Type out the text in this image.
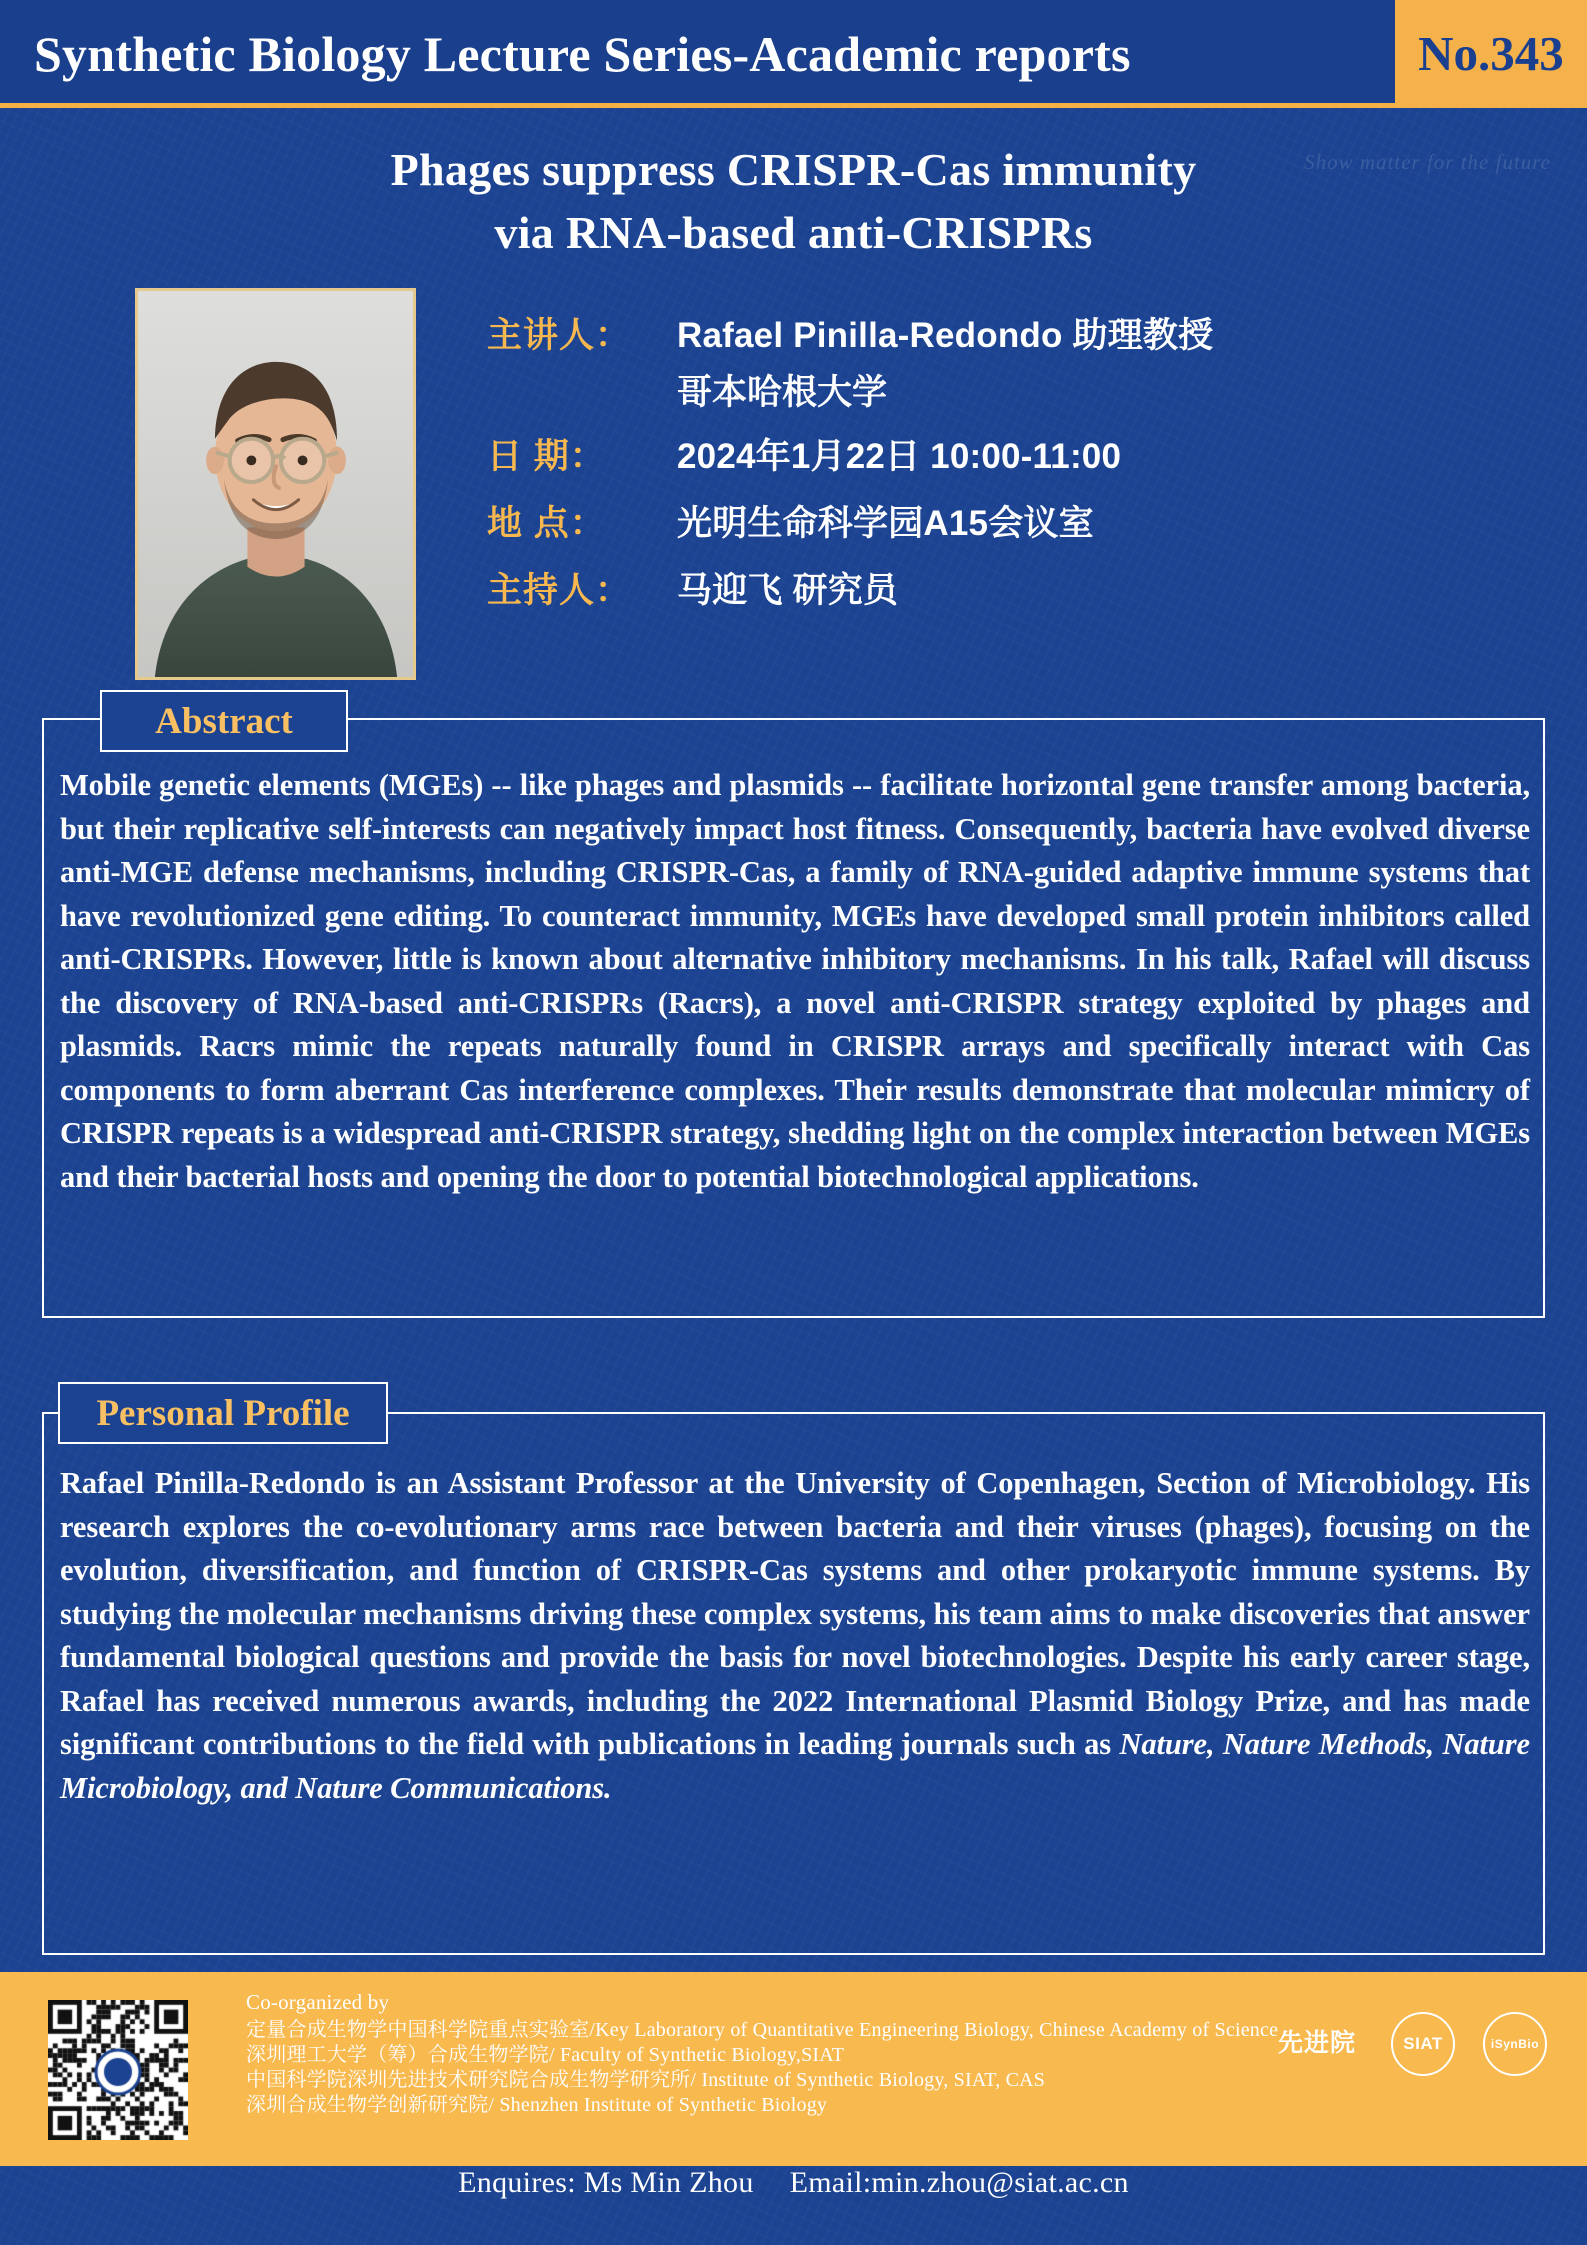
Synthetic Biology Lecture Series-Academic reports	No.343
Show matter for the future
Phages suppress CRISPR-Cas immunity
via RNA-based anti-CRISPRs
主讲人：	Rafael Pinilla-Redondo 助理教授
哥本哈根大学
日 期：	2024年1月22日 10:00-11:00
地 点：	光明生命科学园A15会议室
主持人：	马迎飞 研究员
Abstract
Mobile genetic elements (MGEs) -- like phages and plasmids -- facilitate horizontal gene transfer among bacteria, but their replicative self-interests can negatively impact host fitness. Consequently, bacteria have evolved diverse anti-MGE defense mechanisms, including CRISPR-Cas, a family of RNA-guided adaptive immune systems that have revolutionized gene editing. To counteract immunity, MGEs have developed small protein inhibitors called anti-CRISPRs. However, little is known about alternative inhibitory mechanisms. In his talk, Rafael will discuss the discovery of RNA-based anti-CRISPRs (Racrs), a novel anti-CRISPR strategy exploited by phages and plasmids. Racrs mimic the repeats naturally found in CRISPR arrays and specifically interact with Cas components to form aberrant Cas interference complexes. Their results demonstrate that molecular mimicry of CRISPR repeats is a widespread anti-CRISPR strategy, shedding light on the complex interaction between MGEs and their bacterial hosts and opening the door to potential biotechnological applications.
Personal Profile
Rafael Pinilla-Redondo is an Assistant Professor at the University of Copenhagen, Section of Microbiology. His research explores the co-evolutionary arms race between bacteria and their viruses (phages), focusing on the evolution, diversification, and function of CRISPR-Cas systems and other prokaryotic immune systems. By studying the molecular mechanisms driving these complex systems, his team aims to make discoveries that answer fundamental biological questions and provide the basis for novel biotechnologies. Despite his early career stage, Rafael has received numerous awards, including the 2022 International Plasmid Biology Prize, and has made significant contributions to the field with publications in leading journals such as Nature, Nature Methods, Nature Microbiology, and Nature Communications.
Co-organized by
定量合成生物学中国科学院重点实验室/Key Laboratory of Quantitative Engineering Biology, Chinese Academy of Science
深圳理工大学（筹）合成生物学院/ Faculty of Synthetic Biology,SIAT
中国科学院深圳先进技术研究院合成生物学研究所/ Institute of Synthetic Biology, SIAT, CAS
深圳合成生物学创新研究院/ Shenzhen Institute of Synthetic Biology
先进院	SIAT	iSynBio
Enquires: Ms Min Zhou Email:min.zhou@siat.ac.cn
